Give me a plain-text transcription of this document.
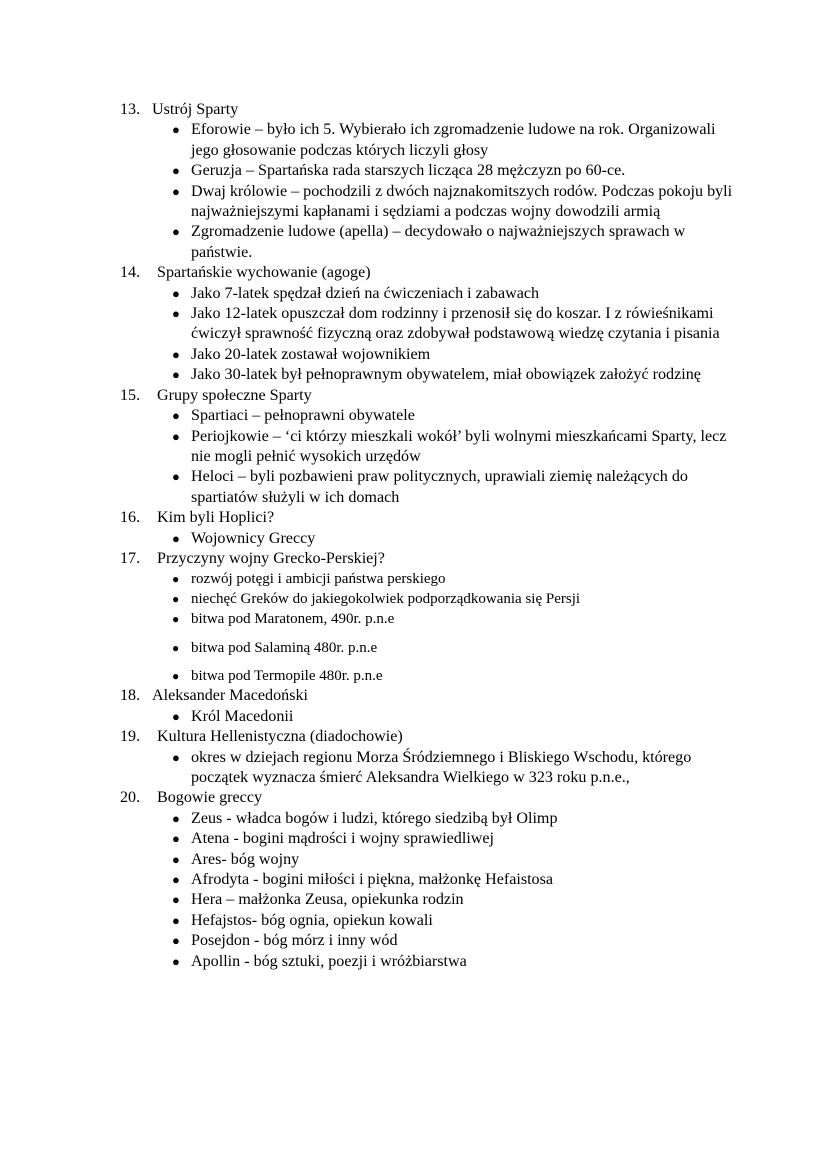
13. Ustrój Sparty
● Eforowie – było ich 5. Wybierało ich zgromadzenie ludowe na rok. Organizowali jego głosowanie podczas których liczyli głosy
● Geruzja – Spartańska rada starszych licząca 28 mężczyzn po 60-ce.
● Dwaj królowie – pochodzili z dwóch najznakomitszych rodów. Podczas pokoju byli najważniejszymi kapłanami i sędziami a podczas wojny dowodzili armią
● Zgromadzenie ludowe (apella) – decydowało o najważniejszych sprawach w państwie.
14.	Spartańskie wychowanie (agoge)
● Jako 7-latek spędzał dzień na ćwiczeniach i zabawach
● Jako 12-latek opuszczał dom rodzinny i przenosił się do koszar. I z rówieśnikami ćwiczył sprawność fizyczną oraz zdobywał podstawową wiedzę czytania i pisania
● Jako 20-latek zostawał wojownikiem
● Jako 30-latek był pełnoprawnym obywatelem, miał obowiązek założyć rodzinę
15.	Grupy społeczne Sparty
● Spartiaci – pełnoprawni obywatele
● Periojkowie – ‘ci którzy mieszkali wokół’ byli wolnymi mieszkańcami Sparty, lecz nie mogli pełnić wysokich urzędów
● Heloci – byli pozbawieni praw politycznych, uprawiali ziemię należących do spartiatów służyli w ich domach
16.	Kim byli Hoplici?
● Wojownicy Greccy
17.	Przyczyny wojny Grecko-Perskiej?
● rozwój potęgi i ambicji państwa perskiego
● niechęć Greków do jakiegokolwiek podporządkowania się Persji
● bitwa pod Maratonem, 490r. p.n.e
● bitwa pod Salaminą 480r. p.n.e
● bitwa pod Termopile 480r. p.n.e
18. Aleksander Macedoński
● Król Macedonii
19.	Kultura Hellenistyczna (diadochowie)
● okres w dziejach regionu Morza Śródziemnego i Bliskiego Wschodu, którego początek wyznacza śmierć Aleksandra Wielkiego w 323 roku p.n.e.,
20.	Bogowie greccy
● Zeus - władca bogów i ludzi, którego siedzibą był Olimp
● Atena - bogini mądrości i wojny sprawiedliwej
● Ares- bóg wojny
● Afrodyta - bogini miłości i piękna, małżonkę Hefaistosa
● Hera – małżonka Zeusa, opiekunka rodzin
● Hefajstos- bóg ognia, opiekun kowali
● Posejdon - bóg mórz i inny wód
● Apollin - bóg sztuki, poezji i wróżbiarstwa
